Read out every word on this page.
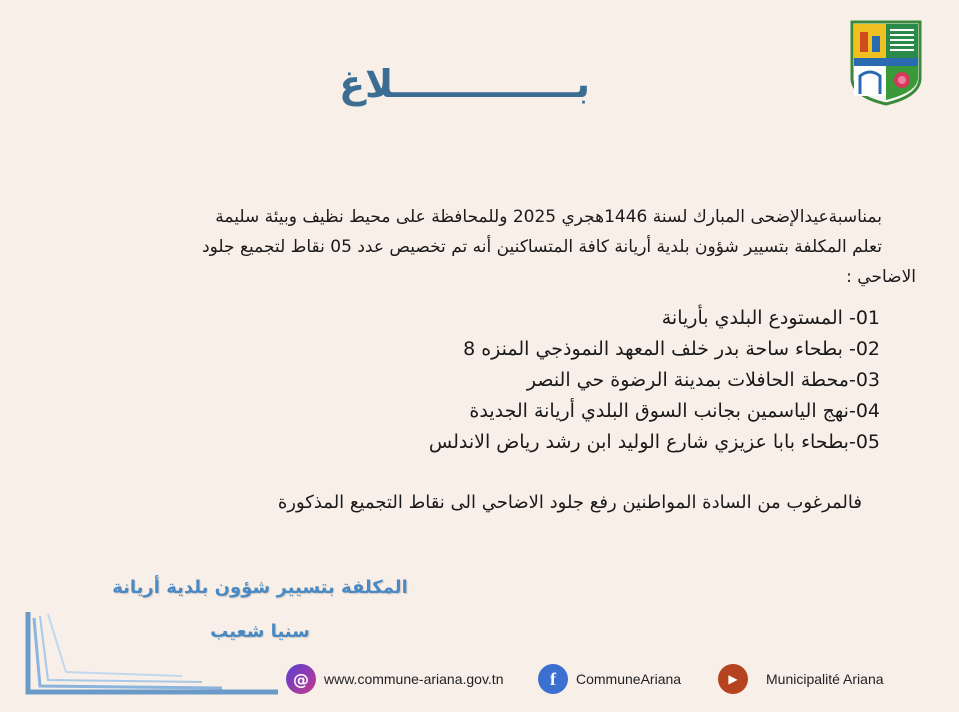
بــــــــــــــلاغ
بمناسبةعيدالإضحى المبارك لسنة 1446هجري 2025 وللمحافظة على محيط نظيف وبيئة سليمة
تعلم المكلفة بتسيير شؤون بلدية أريانة كافة المتساكنين أنه تم تخصيص عدد 05 نقاط لتجميع جلود
الاضاحي :
01- المستودع البلدي بأريانة
02- بطحاء ساحة بدر خلف المعهد النموذجي المنزه 8
03-محطة الحافلات بمدينة الرضوة حي النصر
04-نهج الياسمين بجانب السوق البلدي أريانة الجديدة
05-بطحاء بابا عزيزي شارع الوليد ابن رشد رياض الاندلس
فالمرغوب من السادة المواطنين رفع جلود الاضاحي الى نقاط التجميع المذكورة
المكلفة بتسيير شؤون بلدية أريانة
سنيا شعيب
@	www.commune-ariana.gov.tn	f	CommuneAriana	▶	Municipalité Ariana
